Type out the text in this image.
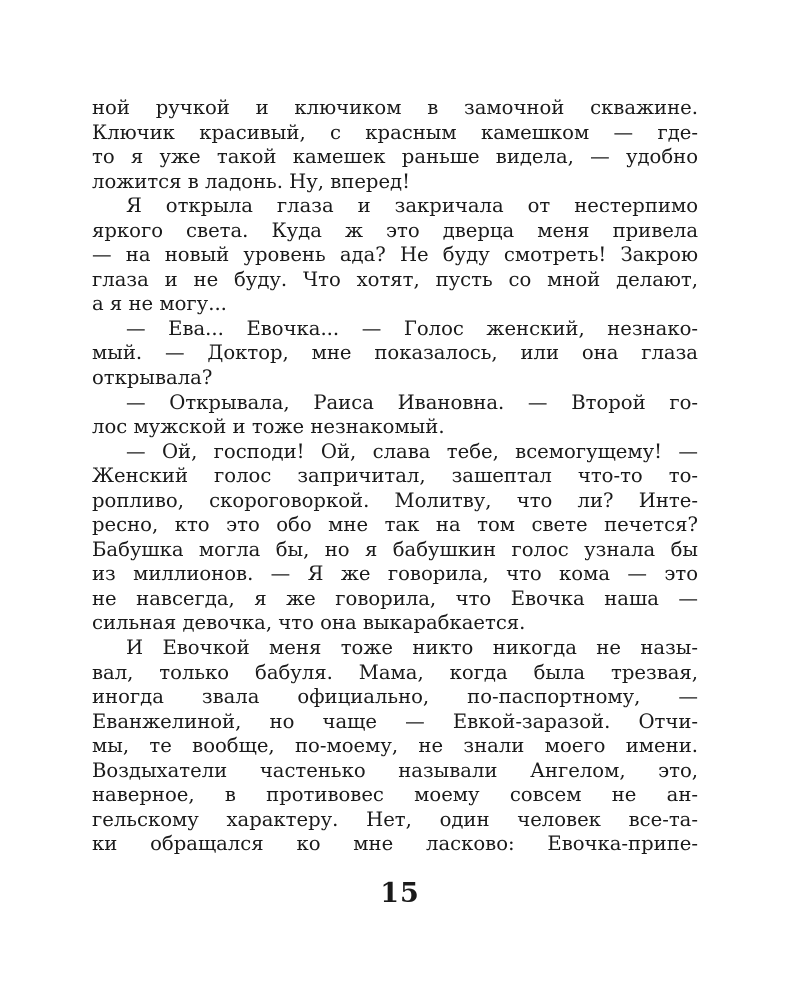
ной ручкой и ключиком в замочной скважине.
Ключик красивый, с красным камешком — где-
то я уже такой камешек раньше видела, — удобно
ложится в ладонь. Ну, вперед!
Я открыла глаза и закричала от нестерпимо
яркого света. Куда ж это дверца меня привела
— на новый уровень ада? Не буду смотреть! Закрою
глаза и не буду. Что хотят, пусть со мной делают,
а я не могу...
— Ева... Евочка... — Голос женский, незнако-
мый. — Доктор, мне показалось, или она глаза
открывала?
— Открывала, Раиса Ивановна. — Второй го-
лос мужской и тоже незнакомый.
— Ой, господи! Ой, слава тебе, всемогущему! —
Женский голос запричитал, зашептал что-то то-
ропливо, скороговоркой. Молитву, что ли? Инте-
ресно, кто это обо мне так на том свете печется?
Бабушка могла бы, но я бабушкин голос узнала бы
из миллионов. — Я же говорила, что кома — это
не навсегда, я же говорила, что Евочка наша —
сильная девочка, что она выкарабкается.
И Евочкой меня тоже никто никогда не назы-
вал, только бабуля. Мама, когда была трезвая,
иногда звала официально, по-паспортному, —
Еванжелиной, но чаще — Евкой-заразой. Отчи-
мы, те вообще, по-моему, не знали моего имени.
Воздыхатели частенько называли Ангелом, это,
наверное, в противовес моему совсем не ан-
гельскому характеру. Нет, один человек все-та-
ки обращался ко мне ласково: Евочка-припе-
15
